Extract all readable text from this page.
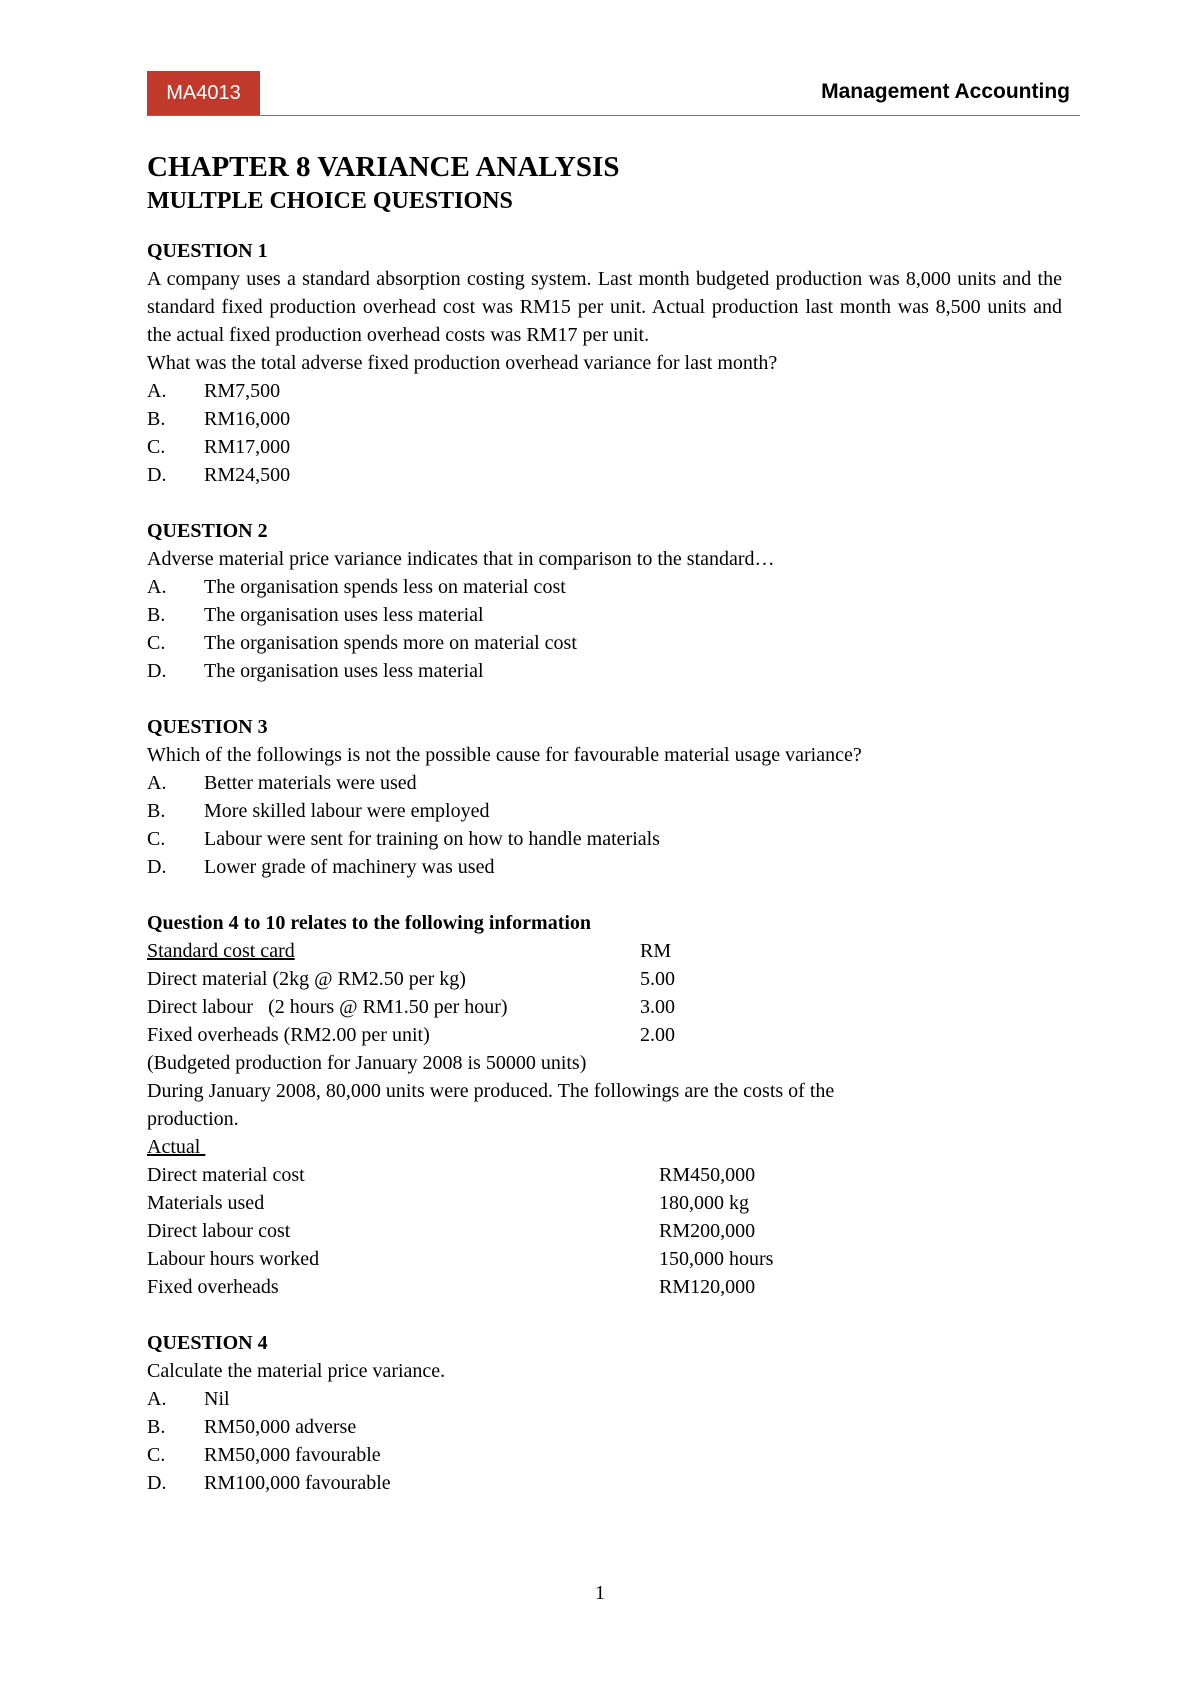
MA4013	Management Accounting

CHAPTER 8 VARIANCE ANALYSIS

MULTPLE CHOICE QUESTIONS

QUESTION 1

A company uses a standard absorption costing system. Last month budgeted production was 8,000 units and the standard fixed production overhead cost was RM15 per unit. Actual production last month was 8,500 units and the actual fixed production overhead costs was RM17 per unit.

What was the total adverse fixed production overhead variance for last month?

A.	RM7,500
B.	RM16,000
C.	RM17,000
D.	RM24,500

QUESTION 2

Adverse material price variance indicates that in comparison to the standard…

A.	The organisation spends less on material cost
B.	The organisation uses less material
C.	The organisation spends more on material cost
D.	The organisation uses less material

QUESTION 3

Which of the followings is not the possible cause for favourable material usage variance?

A.	Better materials were used
B.	More skilled labour were employed
C.	Labour were sent for training on how to handle materials
D.	Lower grade of machinery was used

Question 4 to 10 relates to the following information

Standard cost card	RM
Direct material (2kg @ RM2.50 per kg)	5.00
Direct labour   (2 hours @ RM1.50 per hour)	3.00
Fixed overheads (RM2.00 per unit)	2.00

(Budgeted production for January 2008 is 50000 units)

During January 2008, 80,000 units were produced. The followings are the costs of the production.

Actual

Direct material cost	RM450,000
Materials used	180,000 kg
Direct labour cost	RM200,000
Labour hours worked	150,000 hours
Fixed overheads	RM120,000

QUESTION 4

Calculate the material price variance.

A.	Nil
B.	RM50,000 adverse
C.	RM50,000 favourable
D.	RM100,000 favourable
1
